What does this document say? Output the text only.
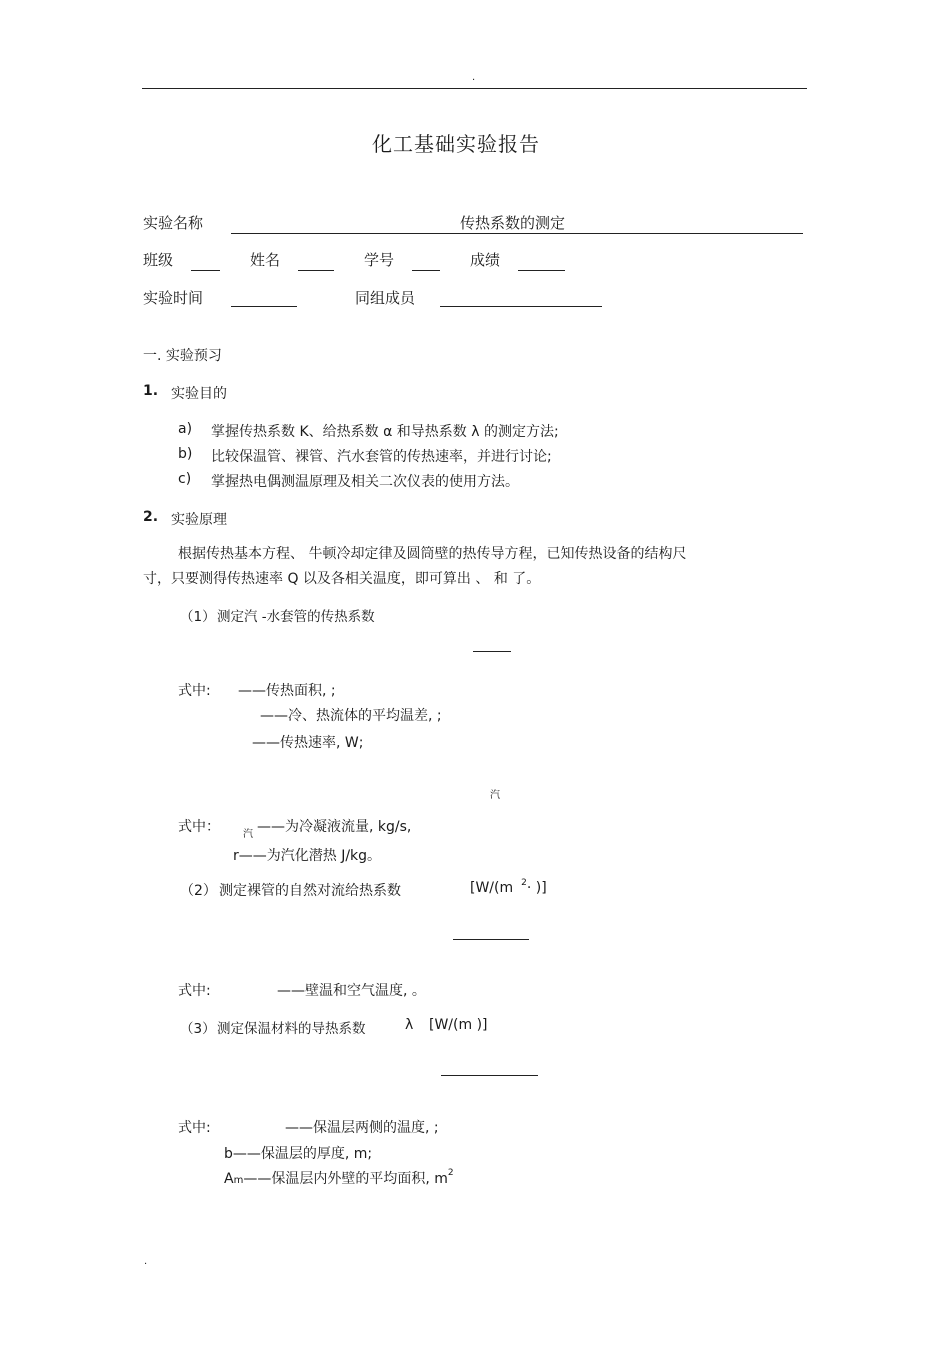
.
化工基础实验报告
实验名称	传热系数的测定
班级	姓名	学号	成绩
实验时间	同组成员
一. 实验预习
1. 实验目的
a) 掌握传热系数 K、给热系数 α 和导热系数 λ 的测定方法;
b) 比较保温管、裸管、汽水套管的传热速率，并进行讨论;
c) 掌握热电偶测温原理及相关二次仪表的使用方法。
2. 实验原理
根据传热基本方程、 牛顿冷却定律及圆筒壁的热传导方程，已知传热设备的结构尺
寸，只要测得传热速率 Q 以及各相关温度，即可算出 、 和 了。
（1） 测定汽 -水套管的传热系数
式中: ——传热面积, ;
——冷、热流体的平均温差, ;
——传热速率, W;
汽
式中： 汽 ——为冷凝液流量, kg/s,
r——为汽化潜热 J/kg。
（2） 测定裸管的自然对流给热系数	[W/(m $^2$· )]
式中:	——壁温和空气温度, 。
（3） 测定保温材料的导热系数	λ [W/(m )]
式中:	——保温层两侧的温度, ;
b——保温层的厚度, m;
Am——保温层内外壁的平均面积, $m^2$
.
